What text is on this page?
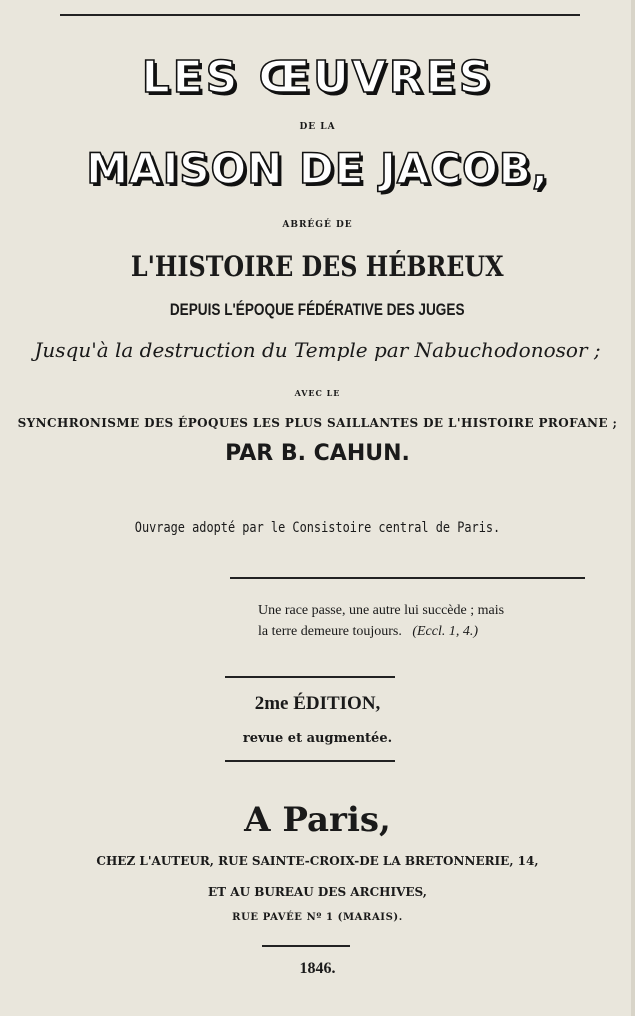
LES ŒUVRES
DE LA
MAISON DE JACOB,
ABRÉGÉ DE
L'HISTOIRE DES HÉBREUX
DEPUIS L'ÉPOQUE FÉDÉRATIVE DES JUGES
Jusqu'à la destruction du Temple par Nabuchodonosor ;
AVEC LE
SYNCHRONISME DES ÉPOQUES LES PLUS SAILLANTES DE L'HISTOIRE PROFANE ;
PAR B. CAHUN.
Ouvrage adopté par le Consistoire central de Paris.
Une race passe, une autre lui succède ; mais
la terre demeure toujours. (Eccl. 1, 4.)
2me ÉDITION,
revue et augmentée.
A Paris,
CHEZ L'AUTEUR, RUE SAINTE-CROIX-DE LA BRETONNERIE, 14,
ET AU BUREAU DES ARCHIVES,
RUE PAVÉE Nº 1 (MARAIS).
1846.
